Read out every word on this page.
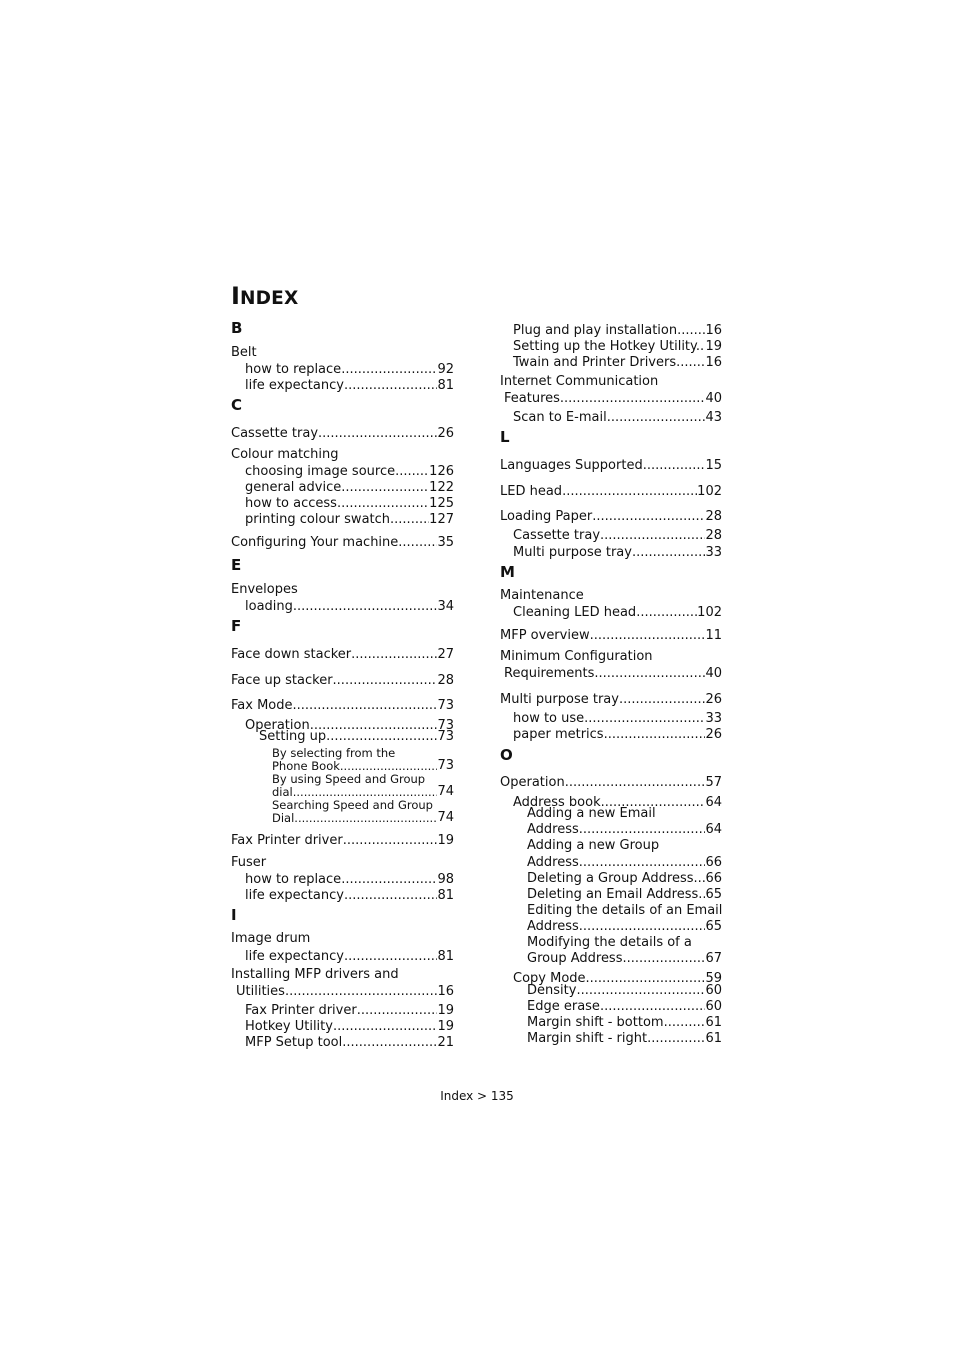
INDEX
B
Belt
how to replace .....	92
life expectancy .....	81
C
Cassette tray .....	26
Colour matching
choosing image source .....	126
general advice .....	122
how to access .....	125
printing colour swatch .....	127
Configuring Your machine. .....	35
E
Envelopes
loading .....	34
F
Face down stacker .....	27
Face up stacker .....	28
Fax Mode .....	73
Operation .....	73
Setting up .....	73
By selecting from the
Phone Book .....	73
By using Speed and Group
dial .....	74
Searching Speed and Group
Dial .....	74
Fax Printer driver .....	19
Fuser
how to replace .....	98
life expectancy .....	81
I
Image drum
life expectancy .....	81
Installing MFP drivers and
Utilities .....	16
Fax Printer driver .....	19
Hotkey Utility .....	19
MFP Setup tool .....	21
Plug and play installation ..... 16
Setting up the Hotkey Utility. ..... 19
Twain and Printer Drivers ..... 16
Internet Communication
Features .....	40
Scan to E-mail .....	43
L
Languages Supported .....	15
LED head .....	102
Loading Paper .....	28
Cassette tray .....	28
Multi purpose tray .....	33
M
Maintenance
Cleaning LED head .....	102
MFP overview .....	11
Minimum Configuration
Requirements .....	40
Multi purpose tray .....	26
how to use .....	33
paper metrics .....	26
O
Operation .....	57
Address book .....	64
Adding a new Email
Address .....	64
Adding a new Group
Address .....	66
Deleting a Group Address ..... 66
Deleting an Email Address ..... 65
Editing the details of an Email
Address .....	65
Modifying the details of a
Group Address .....	67
Copy Mode .....	59
Density .....	60
Edge erase .....	60
Margin shift - bottom .....	61
Margin shift - right .....	61
Index > 135
